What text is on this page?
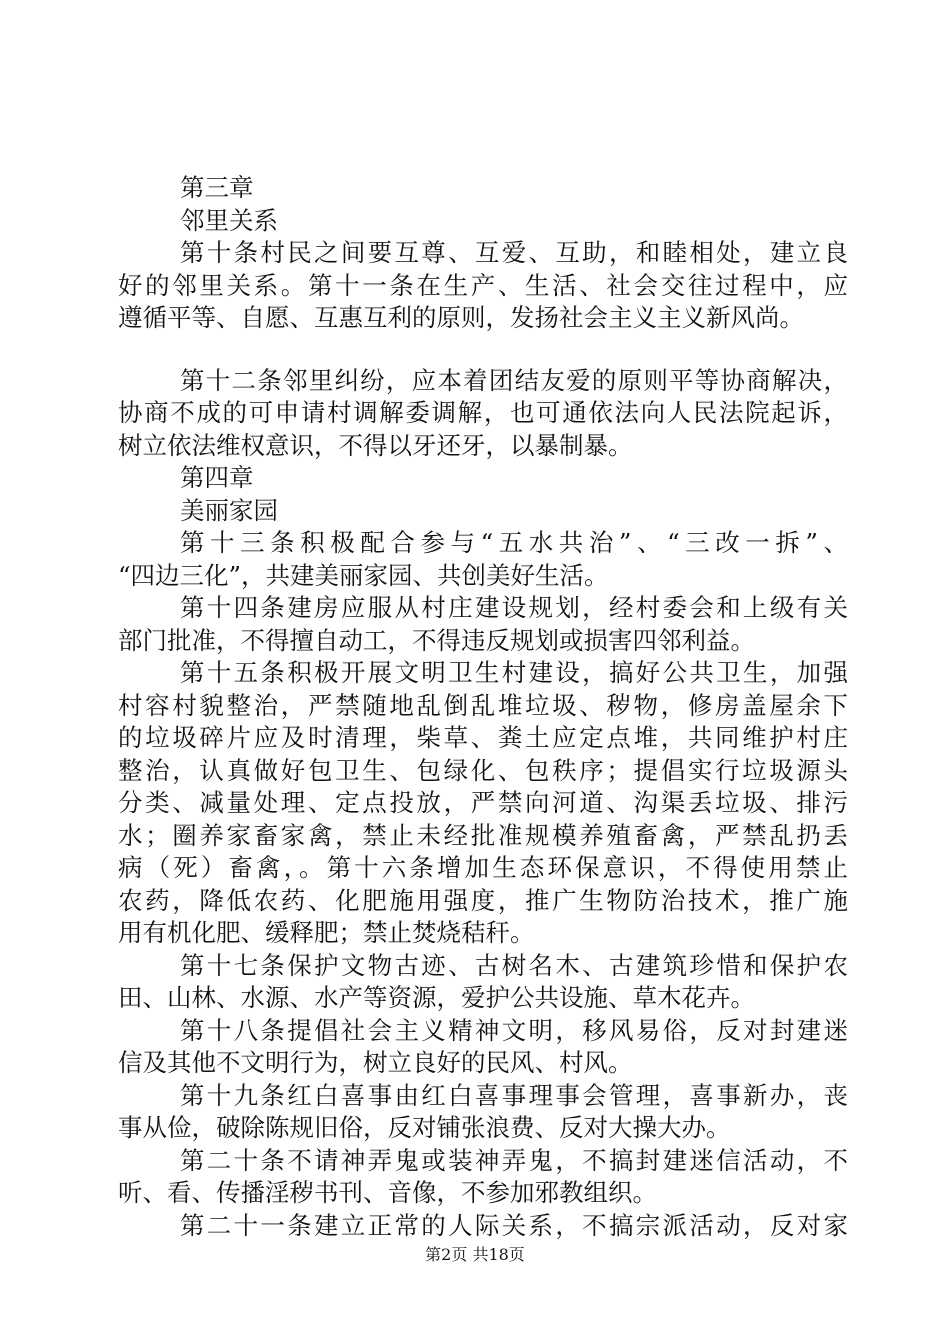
第三章
邻里关系
第十条村民之间要互尊、互爱、互助，和睦相处，建立良
好的邻里关系。第十一条在生产、生活、社会交往过程中，应
遵循平等、自愿、互惠互利的原则，发扬社会主义主义新风尚。
第十二条邻里纠纷，应本着团结友爱的原则平等协商解决，
协商不成的可申请村调解委调解，也可通依法向人民法院起诉，
树立依法维权意识，不得以牙还牙，以暴制暴。
第四章
美丽家园
第十三条积极配合参与“五水共治”、“三改一拆”、
“四边三化”，共建美丽家园、共创美好生活。
第十四条建房应服从村庄建设规划，经村委会和上级有关
部门批准，不得擅自动工，不得违反规划或损害四邻利益。
第十五条积极开展文明卫生村建设，搞好公共卫生，加强
村容村貌整治，严禁随地乱倒乱堆垃圾、秽物，修房盖屋余下
的垃圾碎片应及时清理，柴草、粪土应定点堆，共同维护村庄
整治，认真做好包卫生、包绿化、包秩序；提倡实行垃圾源头
分类、减量处理、定点投放，严禁向河道、沟渠丢垃圾、排污
水；圈养家畜家禽，禁止未经批准规模养殖畜禽，严禁乱扔丢
病（死）畜禽，。第十六条增加生态环保意识，不得使用禁止
农药，降低农药、化肥施用强度，推广生物防治技术，推广施
用有机化肥、缓释肥；禁止焚烧秸秆。
第十七条保护文物古迹、古树名木、古建筑珍惜和保护农
田、山林、水源、水产等资源，爱护公共设施、草木花卉。
第十八条提倡社会主义精神文明，移风易俗，反对封建迷
信及其他不文明行为，树立良好的民风、村风。
第十九条红白喜事由红白喜事理事会管理，喜事新办，丧
事从俭，破除陈规旧俗，反对铺张浪费、反对大操大办。
第二十条不请神弄鬼或装神弄鬼，不搞封建迷信活动，不
听、看、传播淫秽书刊、音像，不参加邪教组织。
第二十一条建立正常的人际关系，不搞宗派活动，反对家
第2页 共18页
